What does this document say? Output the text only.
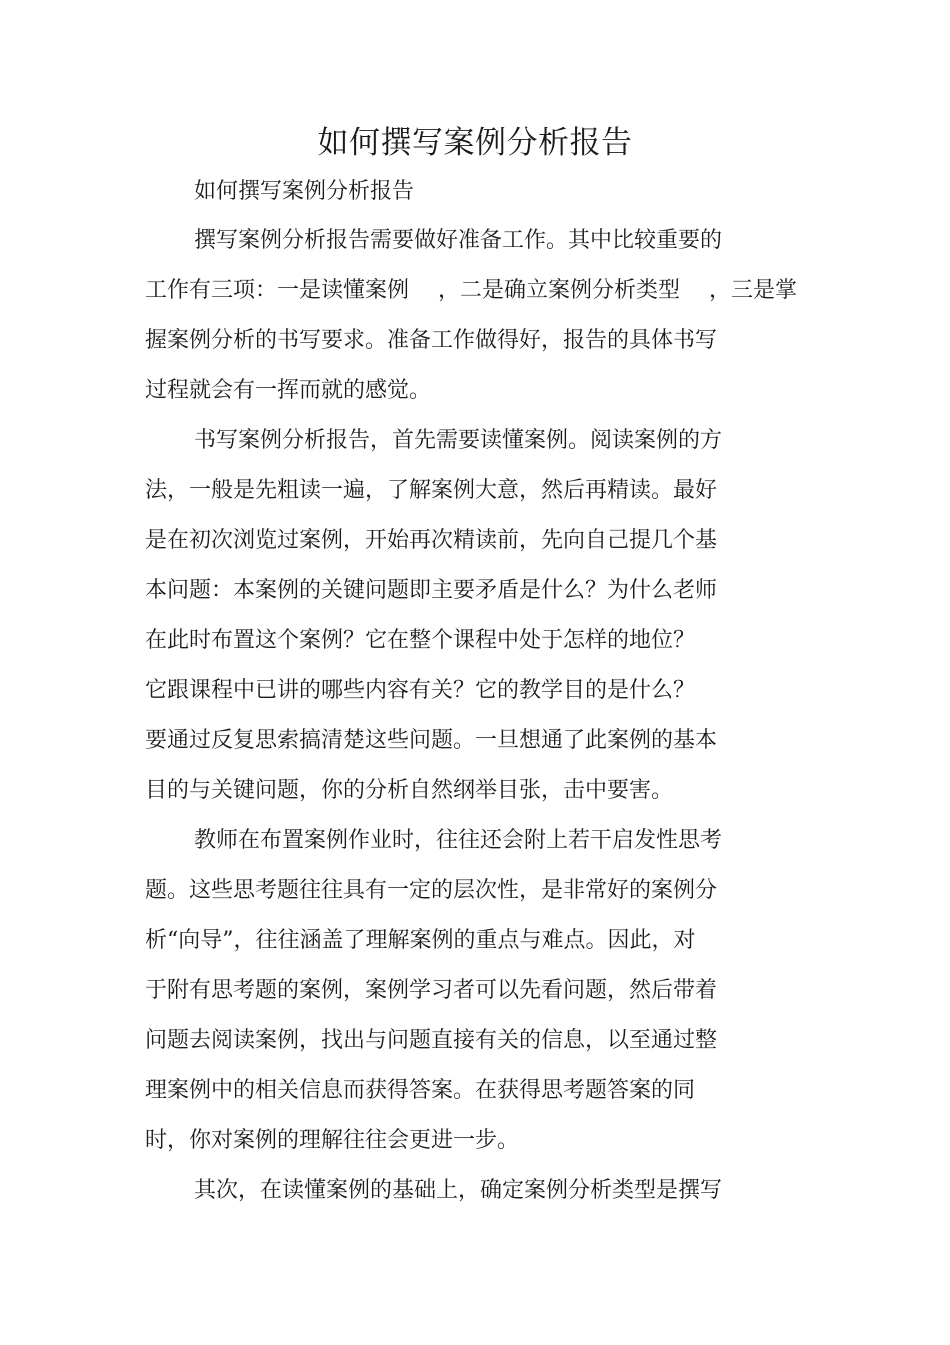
如何撰写案例分析报告

如何撰写案例分析报告

撰写案例分析报告需要做好准备工作。其中比较重要的

工作有三项：一是读懂案例　 ，二是确立案例分析类型　 ，三是掌

握案例分析的书写要求。准备工作做得好，报告的具体书写

过程就会有一挥而就的感觉。

书写案例分析报告，首先需要读懂案例。阅读案例的方

法，一般是先粗读一遍，了解案例大意，然后再精读。最好

是在初次浏览过案例，开始再次精读前，先向自己提几个基

本问题：本案例的关键问题即主要矛盾是什么？为什么老师

在此时布置这个案例？它在整个课程中处于怎样的地位？

它跟课程中已讲的哪些内容有关？它的教学目的是什么？

要通过反复思索搞清楚这些问题。一旦想通了此案例的基本

目的与关键问题，你的分析自然纲举目张，击中要害。

教师在布置案例作业时，往往还会附上若干启发性思考

题。这些思考题往往具有一定的层次性，是非常好的案例分

析“向导”，往往涵盖了理解案例的重点与难点。因此，对

于附有思考题的案例，案例学习者可以先看问题，然后带着

问题去阅读案例，找出与问题直接有关的信息，以至通过整

理案例中的相关信息而获得答案。在获得思考题答案的同

时，你对案例的理解往往会更进一步。

其次，在读懂案例的基础上，确定案例分析类型是撰写
